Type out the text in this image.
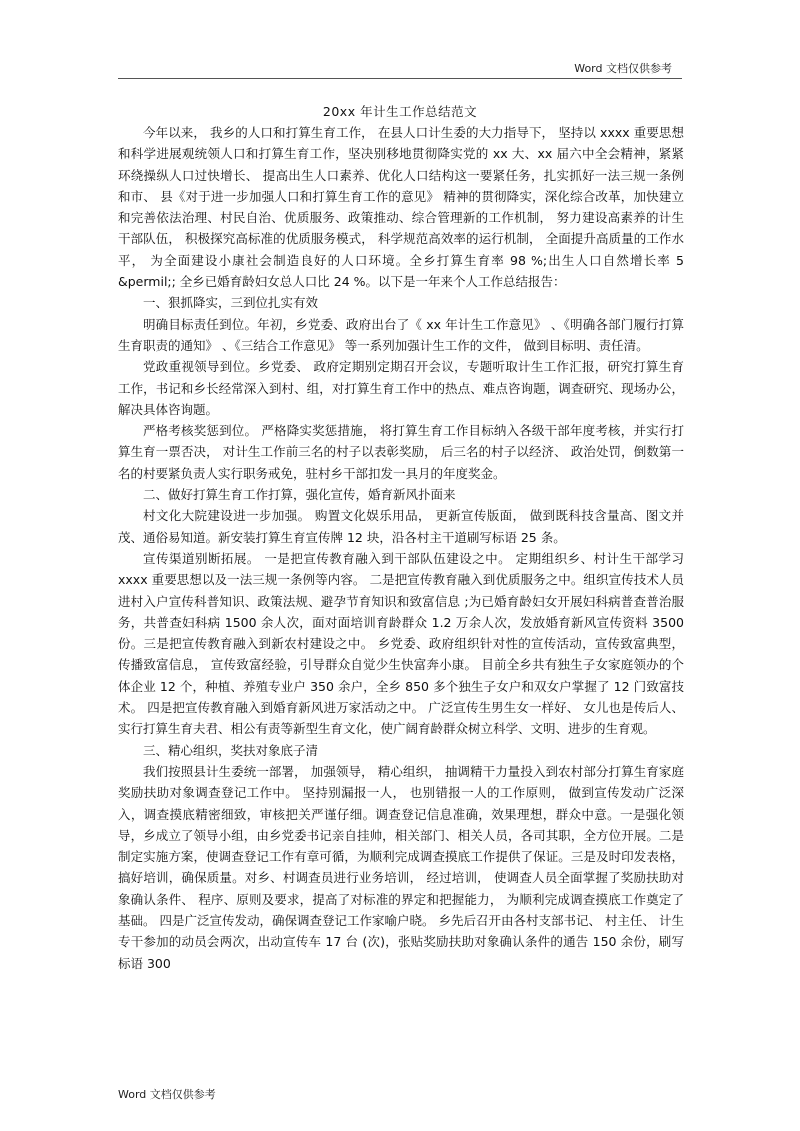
Word 文档仅供参考
20xx 年计生工作总结范文

今年以来， 我乡的人口和打算生育工作， 在县人口计生委的大力指导下， 坚持以 xxxx 重要思想和科学进展观统领人口和打算生育工作，坚决别移地贯彻降实党的 xx 大、xx 届六中全会精神，紧紧环绕操纵人口过快增长、 提高出生人口素养、优化人口结构这一要紧任务，扎实抓好一法三规一条例和市、 县《对于进一步加强人口和打算生育工作的意见》 精神的贯彻降实，深化综合改革，加快建立和完善依法治理、村民自治、优质服务、政策推动、综合管理新的工作机制， 努力建设高素养的计生干部队伍， 积极探究高标准的优质服务模式， 科学规范高效率的运行机制， 全面提升高质量的工作水平， 为全面建设小康社会制造良好的人口环境。全乡打算生育率 98 %;出生人口自然增长率 5 &permil;; 全乡已婚育龄妇女总人口比 24 %。以下是一年来个人工作总结报告：

一、狠抓降实，三到位扎实有效

明确目标责任到位。年初，乡党委、政府出台了《 xx 年计生工作意见》 、《明确各部门履行打算生育职责的通知》 、《三结合工作意见》 等一系列加强计生工作的文件， 做到目标明、责任清。

党政重视领导到位。乡党委、 政府定期别定期召开会议，专题听取计生工作汇报，研究打算生育工作，书记和乡长经常深入到村、组，对打算生育工作中的热点、难点咨询题，调查研究、现场办公，解决具体咨询题。

严格考核奖惩到位。 严格降实奖惩措施， 将打算生育工作目标纳入各级干部年度考核，并实行打算生育一票否决， 对计生工作前三名的村子以表彰奖励， 后三名的村子以经济、 政治处罚，倒数第一名的村要紧负责人实行职务戒免，驻村乡干部扣发一具月的年度奖金。

二、做好打算生育工作打算，强化宣传，婚育新风扑面来

村文化大院建设进一步加强。 购置文化娱乐用品， 更新宣传版面， 做到既科技含量高、图文并茂、通俗易知道。新安装打算生育宣传牌 12 块，沿各村主干道刷写标语 25 条。

宣传渠道别断拓展。 一是把宣传教育融入到干部队伍建设之中。 定期组织乡、村计生干部学习 xxxx 重要思想以及一法三规一条例等内容。 二是把宣传教育融入到优质服务之中。组织宣传技术人员进村入户宣传科普知识、政策法规、避孕节育知识和致富信息 ;为已婚育龄妇女开展妇科病普查普治服务，共普查妇科病 1500 余人次，面对面培训育龄群众 1.2 万余人次，发放婚育新风宣传资料 3500 份。三是把宣传教育融入到新农村建设之中。 乡党委、政府组织针对性的宣传活动，宣传致富典型， 传播致富信息， 宣传致富经验，引导群众自觉少生快富奔小康。 目前全乡共有独生子女家庭领办的个体企业 12 个，种植、养殖专业户 350 余户，全乡 850 多个独生子女户和双女户掌握了 12 门致富技术。 四是把宣传教育融入到婚育新风进万家活动之中。 广泛宣传生男生女一样好、 女儿也是传后人、 实行打算生育夫君、相公有责等新型生育文化，使广阔育龄群众树立科学、文明、进步的生育观。

三、精心组织，奖扶对象底子清

我们按照县计生委统一部署， 加强领导， 精心组织， 抽调精干力量投入到农村部分打算生育家庭奖励扶助对象调查登记工作中。 坚持别漏报一人， 也别错报一人的工作原则， 做到宣传发动广泛深入，调查摸底精密细致，审核把关严谨仔细。调查登记信息准确，效果理想，群众中意。一是强化领导，乡成立了领导小组，由乡党委书记亲自挂帅，相关部门、相关人员，各司其职，全方位开展。二是制定实施方案，使调查登记工作有章可循，为顺利完成调查摸底工作提供了保证。三是及时印发表格，搞好培训，确保质量。对乡、村调查员进行业务培训， 经过培训， 使调查人员全面掌握了奖励扶助对象确认条件、 程序、原则及要求，提高了对标准的界定和把握能力， 为顺利完成调查摸底工作奠定了基础。 四是广泛宣传发动，确保调查登记工作家喻户晓。 乡先后召开由各村支部书记、 村主任、 计生专干参加的动员会两次，出动宣传车 17 台 (次)，张贴奖励扶助对象确认条件的通告 150 余份，刷写标语 300

Word 文档仅供参考
